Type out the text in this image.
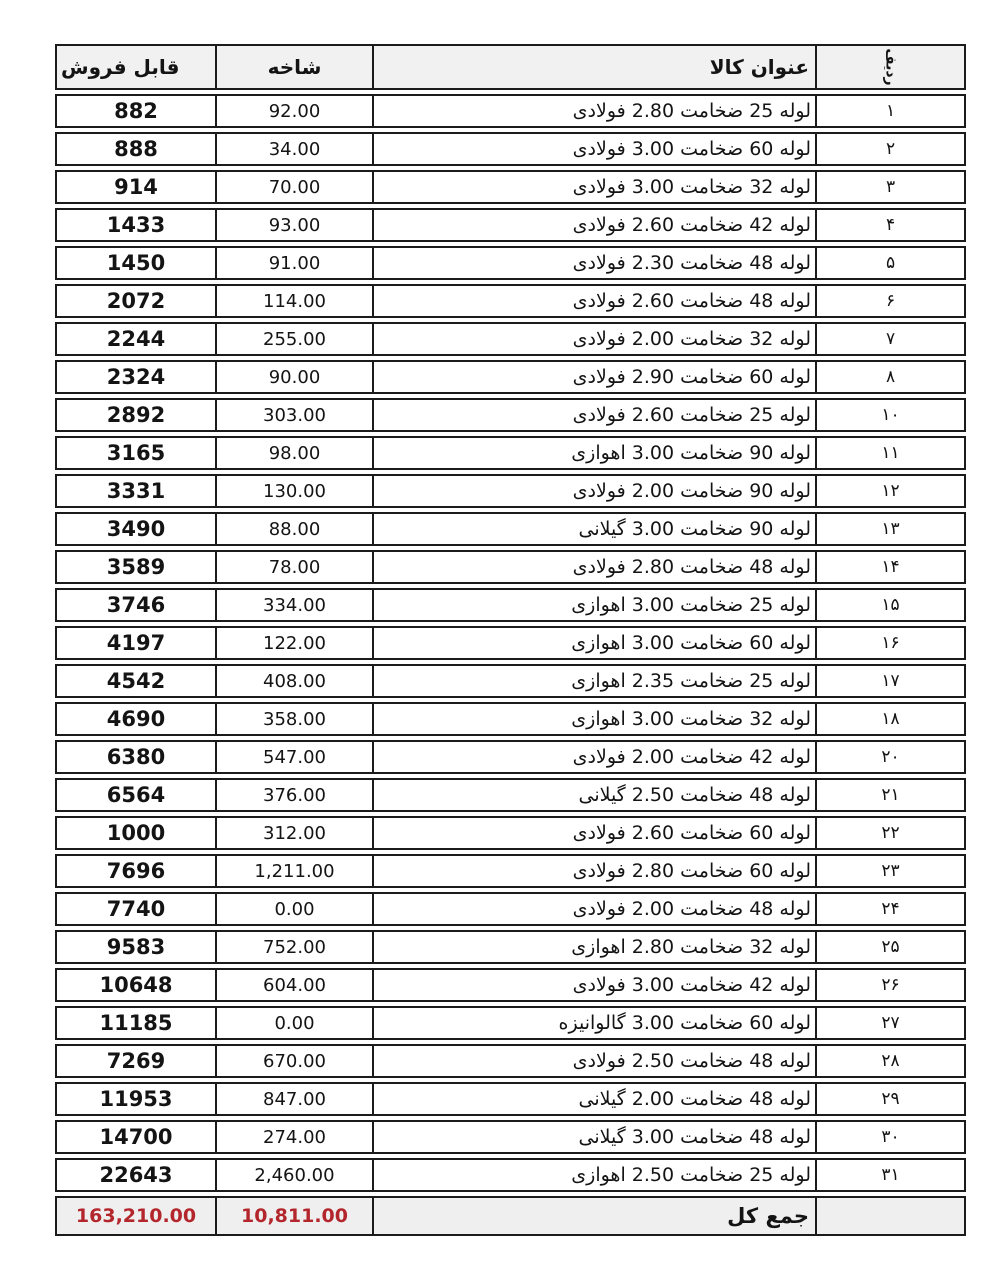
ردیف
عنوان کالا
شاخه
قابل فروش
۱
لوله 25 ضخامت 2.80 فولادی
92.00
882
۲
لوله 60 ضخامت 3.00 فولادی
34.00
888
۳
لوله 32 ضخامت 3.00 فولادی
70.00
914
۴
لوله 42 ضخامت 2.60 فولادی
93.00
1433
۵
لوله 48 ضخامت 2.30 فولادی
91.00
1450
۶
لوله 48 ضخامت 2.60 فولادی
114.00
2072
۷
لوله 32 ضخامت 2.00 فولادی
255.00
2244
۸
لوله 60 ضخامت 2.90 فولادی
90.00
2324
۱۰
لوله 25 ضخامت 2.60 فولادی
303.00
2892
۱۱
لوله 90 ضخامت 3.00 اهوازی
98.00
3165
۱۲
لوله 90 ضخامت 2.00 فولادی
130.00
3331
۱۳
لوله 90 ضخامت 3.00 گیلانی
88.00
3490
۱۴
لوله 48 ضخامت 2.80 فولادی
78.00
3589
۱۵
لوله 25 ضخامت 3.00 اهوازی
334.00
3746
۱۶
لوله 60 ضخامت 3.00 اهوازی
122.00
4197
۱۷
لوله 25 ضخامت 2.35 اهوازی
408.00
4542
۱۸
لوله 32 ضخامت 3.00 اهوازی
358.00
4690
۲۰
لوله 42 ضخامت 2.00 فولادی
547.00
6380
۲۱
لوله 48 ضخامت 2.50 گیلانی
376.00
6564
۲۲
لوله 60 ضخامت 2.60 فولادی
312.00
1000
۲۳
لوله 60 ضخامت 2.80 فولادی
1,211.00
7696
۲۴
لوله 48 ضخامت 2.00 فولادی
0.00
7740
۲۵
لوله 32 ضخامت 2.80 اهوازی
752.00
9583
۲۶
لوله 42 ضخامت 3.00 فولادی
604.00
10648
۲۷
لوله 60 ضخامت 3.00 گالوانیزه
0.00
11185
۲۸
لوله 48 ضخامت 2.50 فولادی
670.00
7269
۲۹
لوله 48 ضخامت 2.00 گیلانی
847.00
11953
۳۰
لوله 48 ضخامت 3.00 گیلانی
274.00
14700
۳۱
لوله 25 ضخامت 2.50 اهوازی
2,460.00
22643
جمع کل
10,811.00
163,210.00
